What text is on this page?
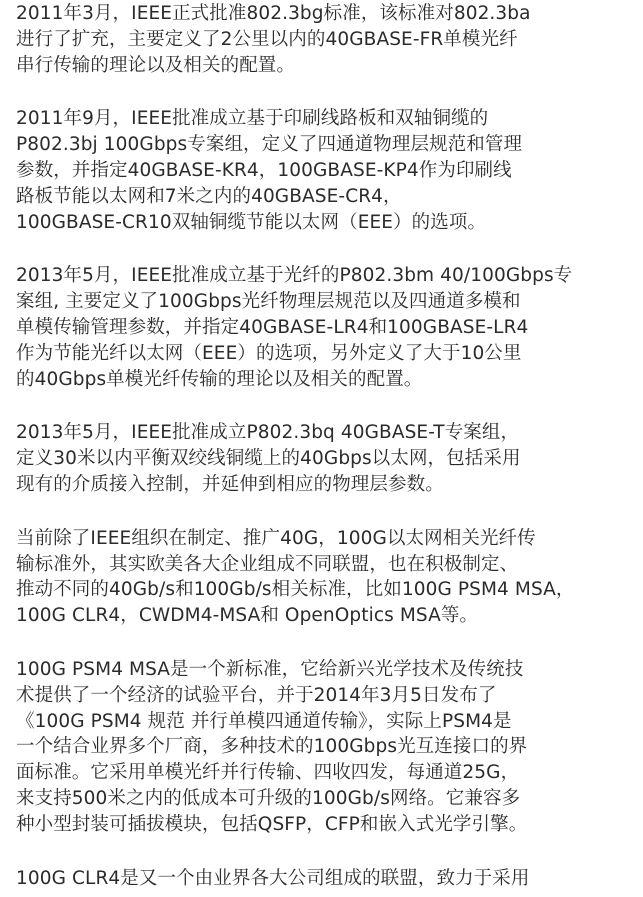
2011年3月，IEEE正式批准802.3bg标准，该标准对802.3ba
进行了扩充，主要定义了2公里以内的40GBASE-FR单模光纤
串行传输的理论以及相关的配置。
2011年9月，IEEE批准成立基于印刷线路板和双轴铜缆的
P802.3bj 100Gbps专案组，定义了四通道物理层规范和管理
参数，并指定40GBASE-KR4，100GBASE-KP4作为印刷线
路板节能以太网和7米之内的40GBASE-CR4，
100GBASE-CR10双轴铜缆节能以太网（EEE）的选项。
2013年5月，IEEE批准成立基于光纤的P802.3bm 40/100Gbps专
案组, 主要定义了100Gbps光纤物理层规范以及四通道多模和
单模传输管理参数，并指定40GBASE-LR4和100GBASE-LR4
作为节能光纤以太网（EEE）的选项，另外定义了大于10公里
的40Gbps单模光纤传输的理论以及相关的配置。
2013年5月，IEEE批准成立P802.3bq 40GBASE-T专案组，
定义30米以内平衡双绞线铜缆上的40Gbps以太网，包括采用
现有的介质接入控制，并延伸到相应的物理层参数。
当前除了IEEE组织在制定、推广40G，100G以太网相关光纤传
输标准外，其实欧美各大企业组成不同联盟，也在积极制定、
推动不同的40Gb/s和100Gb/s相关标准，比如100G PSM4 MSA，
100G CLR4，CWDM4-MSA和 OpenOptics MSA等。
100G PSM4 MSA是一个新标准，它给新兴光学技术及传统技
术提供了一个经济的试验平台，并于2014年3月5日发布了
《100G PSM4 规范 并行单模四通道传输》，实际上PSM4是
一个结合业界多个厂商，多种技术的100Gbps光互连接口的界
面标准。它采用单模光纤并行传输、四收四发，每通道25G，
来支持500米之内的低成本可升级的100Gb/s网络。它兼容多
种小型封装可插拔模块，包括QSFP，CFP和嵌入式光学引擎。
100G CLR4是又一个由业界各大公司组成的联盟，致力于采用
